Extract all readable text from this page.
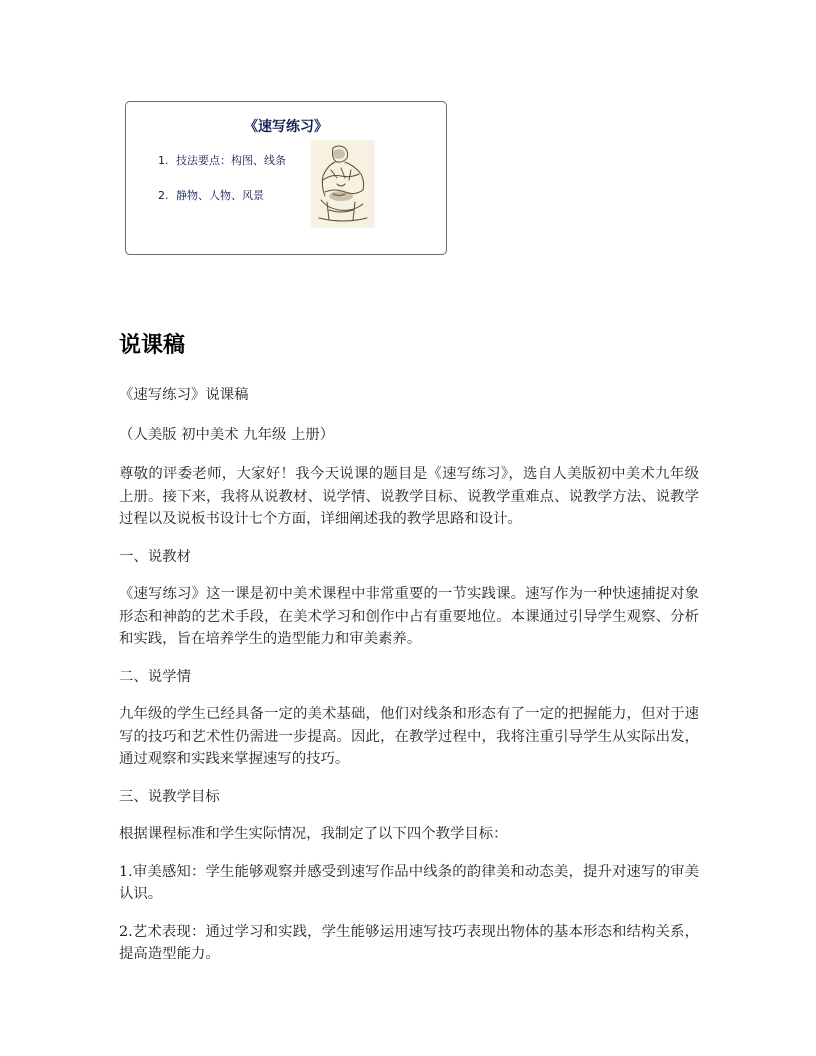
《速写练习》
1. 技法要点：构图、线条
2. 静物、人物、风景
说课稿

《速写练习》说课稿

（人美版 初中美术 九年级 上册）

尊敬的评委老师，大家好！我今天说课的题目是《速写练习》，选自人美版初中美术九年级上册。接下来，我将从说教材、说学情、说教学目标、说教学重难点、说教学方法、说教学过程以及说板书设计七个方面，详细阐述我的教学思路和设计。

一、说教材

《速写练习》这一课是初中美术课程中非常重要的一节实践课。速写作为一种快速捕捉对象形态和神韵的艺术手段，在美术学习和创作中占有重要地位。本课通过引导学生观察、分析和实践，旨在培养学生的造型能力和审美素养。

二、说学情

九年级的学生已经具备一定的美术基础，他们对线条和形态有了一定的把握能力，但对于速写的技巧和艺术性仍需进一步提高。因此，在教学过程中，我将注重引导学生从实际出发，通过观察和实践来掌握速写的技巧。

三、说教学目标

根据课程标准和学生实际情况，我制定了以下四个教学目标：

1.审美感知：学生能够观察并感受到速写作品中线条的韵律美和动态美，提升对速写的审美认识。

2.艺术表现：通过学习和实践，学生能够运用速写技巧表现出物体的基本形态和结构关系，提高造型能力。
